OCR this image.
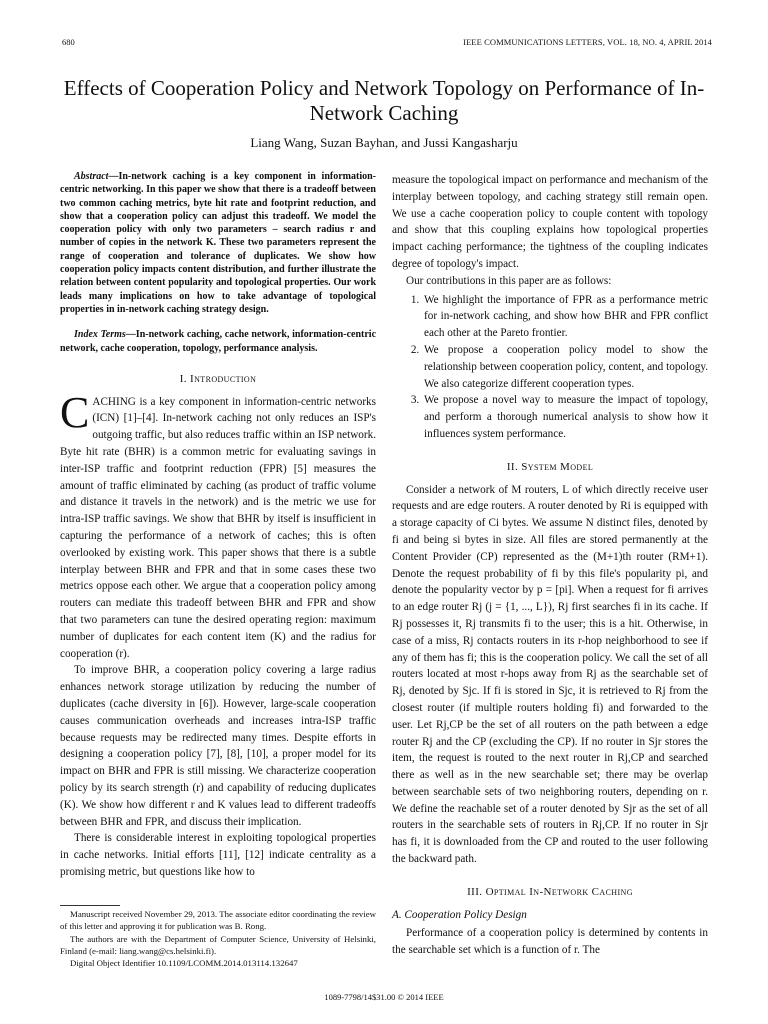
680	IEEE COMMUNICATIONS LETTERS, VOL. 18, NO. 4, APRIL 2014
Effects of Cooperation Policy and Network Topology on Performance of In-Network Caching
Liang Wang, Suzan Bayhan, and Jussi Kangasharju

Abstract—In-network caching is a key component in information-centric networking. In this paper we show that there is a tradeoff between two common caching metrics, byte hit rate and footprint reduction, and show that a cooperation policy can adjust this tradeoff. We model the cooperation policy with only two parameters – search radius r and number of copies in the network K. These two parameters represent the range of cooperation and tolerance of duplicates. We show how cooperation policy impacts content distribution, and further illustrate the relation between content popularity and topological properties. Our work leads many implications on how to take advantage of topological properties in in-network caching strategy design.

Index Terms—In-network caching, cache network, information-centric network, cache cooperation, topology, performance analysis.

I. Introduction

CACHING is a key component in information-centric networks (ICN) [1]–[4]. In-network caching not only reduces an ISP's outgoing traffic, but also reduces traffic within an ISP network. Byte hit rate (BHR) is a common metric for evaluating savings in inter-ISP traffic and footprint reduction (FPR) [5] measures the amount of traffic eliminated by caching (as product of traffic volume and distance it travels in the network) and is the metric we use for intra-ISP traffic savings. We show that BHR by itself is insufficient in capturing the performance of a network of caches; this is often overlooked by existing work. This paper shows that there is a subtle interplay between BHR and FPR and that in some cases these two metrics oppose each other. We argue that a cooperation policy among routers can mediate this tradeoff between BHR and FPR and show that two parameters can tune the desired operating region: maximum number of duplicates for each content item (K) and the radius for cooperation (r).

To improve BHR, a cooperation policy covering a large radius enhances network storage utilization by reducing the number of duplicates (cache diversity in [6]). However, large-scale cooperation causes communication overheads and increases intra-ISP traffic because requests may be redirected many times. Despite efforts in designing a cooperation policy [7], [8], [10], a proper model for its impact on BHR and FPR is still missing. We characterize cooperation policy by its search strength (r) and capability of reducing duplicates (K). We show how different r and K values lead to different tradeoffs between BHR and FPR, and discuss their implication.

There is considerable interest in exploiting topological properties in cache networks. Initial efforts [11], [12] indicate centrality as a promising metric, but questions like how to

Manuscript received November 29, 2013. The associate editor coordinating the review of this letter and approving it for publication was B. Rong.

The authors are with the Department of Computer Science, University of Helsinki, Finland (e-mail: liang.wang@cs.helsinki.fi).

Digital Object Identifier 10.1109/LCOMM.2014.013114.132647

measure the topological impact on performance and mechanism of the interplay between topology, and caching strategy still remain open. We use a cache cooperation policy to couple content with topology and show that this coupling explains how topological properties impact caching performance; the tightness of the coupling indicates degree of topology's impact.

Our contributions in this paper are as follows:

1. We highlight the importance of FPR as a performance metric for in-network caching, and show how BHR and FPR conflict each other at the Pareto frontier.
2. We propose a cooperation policy model to show the relationship between cooperation policy, content, and topology. We also categorize different cooperation types.
3. We propose a novel way to measure the impact of topology, and perform a thorough numerical analysis to show how it influences system performance.
II. System Model

Consider a network of M routers, L of which directly receive user requests and are edge routers. A router denoted by Ri is equipped with a storage capacity of Ci bytes. We assume N distinct files, denoted by fi and being si bytes in size. All files are stored permanently at the Content Provider (CP) represented as the (M+1)th router (RM+1). Denote the request probability of fi by this file's popularity pi, and denote the popularity vector by p = [pi]. When a request for fi arrives to an edge router Rj (j = {1, ..., L}), Rj first searches fi in its cache. If Rj possesses it, Rj transmits fi to the user; this is a hit. Otherwise, in case of a miss, Rj contacts routers in its r-hop neighborhood to see if any of them has fi; this is the cooperation policy. We call the set of all routers located at most r-hops away from Rj as the searchable set of Rj, denoted by Sjc. If fi is stored in Sjc, it is retrieved to Rj from the closest router (if multiple routers holding fi) and forwarded to the user. Let Rj,CP be the set of all routers on the path between a edge router Rj and the CP (excluding the CP). If no router in Sjr stores the item, the request is routed to the next router in Rj,CP and searched there as well as in the new searchable set; there may be overlap between searchable sets of two neighboring routers, depending on r. We define the reachable set of a router denoted by Sjr as the set of all routers in the searchable sets of routers in Rj,CP. If no router in Sjr has fi, it is downloaded from the CP and routed to the user following the backward path.

III. Optimal In-Network Caching
A. Cooperation Policy Design

Performance of a cooperation policy is determined by contents in the searchable set which is a function of r. The

1089-7798/14$31.00 © 2014 IEEE
